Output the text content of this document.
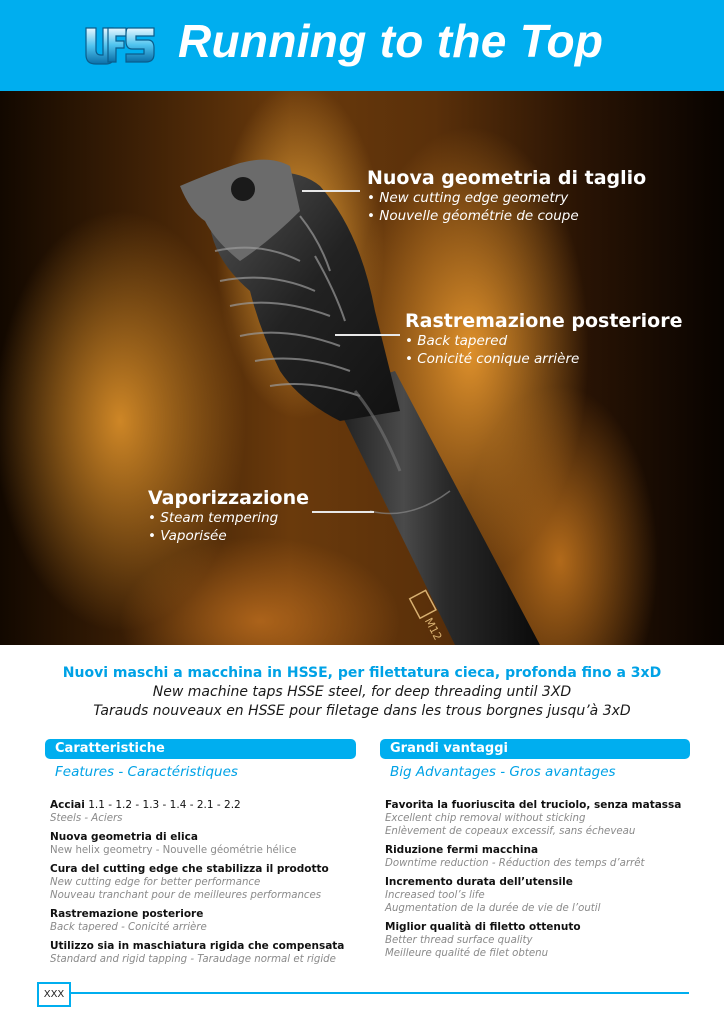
Running to the Top
M12
Nuova geometria di taglio
• New cutting edge geometry
• Nouvelle géométrie de coupe
Rastremazione posteriore
• Back tapered
• Conicité conique arrière
Vaporizzazione
• Steam tempering
• Vaporisée
Nuovi maschi a macchina in HSSE, per filettatura cieca, profonda fino a 3xD
New machine taps HSSE steel, for deep threading until 3XD
Tarauds nouveaux en HSSE pour filetage dans les trous borgnes jusqu’à 3xD
Caratteristiche
Features - Caractéristiques
Acciai 1.1 - 1.2 - 1.3 - 1.4 - 2.1 - 2.2
Steels - Aciers
Nuova geometria di elica
New helix geometry - Nouvelle géométrie hélice
Cura del cutting edge che stabilizza il prodotto
New cutting edge for better performance
Nouveau tranchant pour de meilleures performances
Rastremazione posteriore
Back tapered - Conicité arrière
Utilizzo sia in maschiatura rigida che compensata
Standard and rigid tapping - Taraudage normal et rigide
Grandi vantaggi
Big Advantages - Gros avantages
Favorita la fuoriuscita del truciolo, senza matassa
Excellent chip removal without sticking
Enlèvement de copeaux excessif, sans écheveau
Riduzione fermi macchina
Downtime reduction - Réduction des temps d’arrêt
Incremento durata dell’utensile
Increased tool’s life
Augmentation de la durée de vie de l’outil
Miglior qualità di filetto ottenuto
Better thread surface quality
Meilleure qualité de filet obtenu
XXX
